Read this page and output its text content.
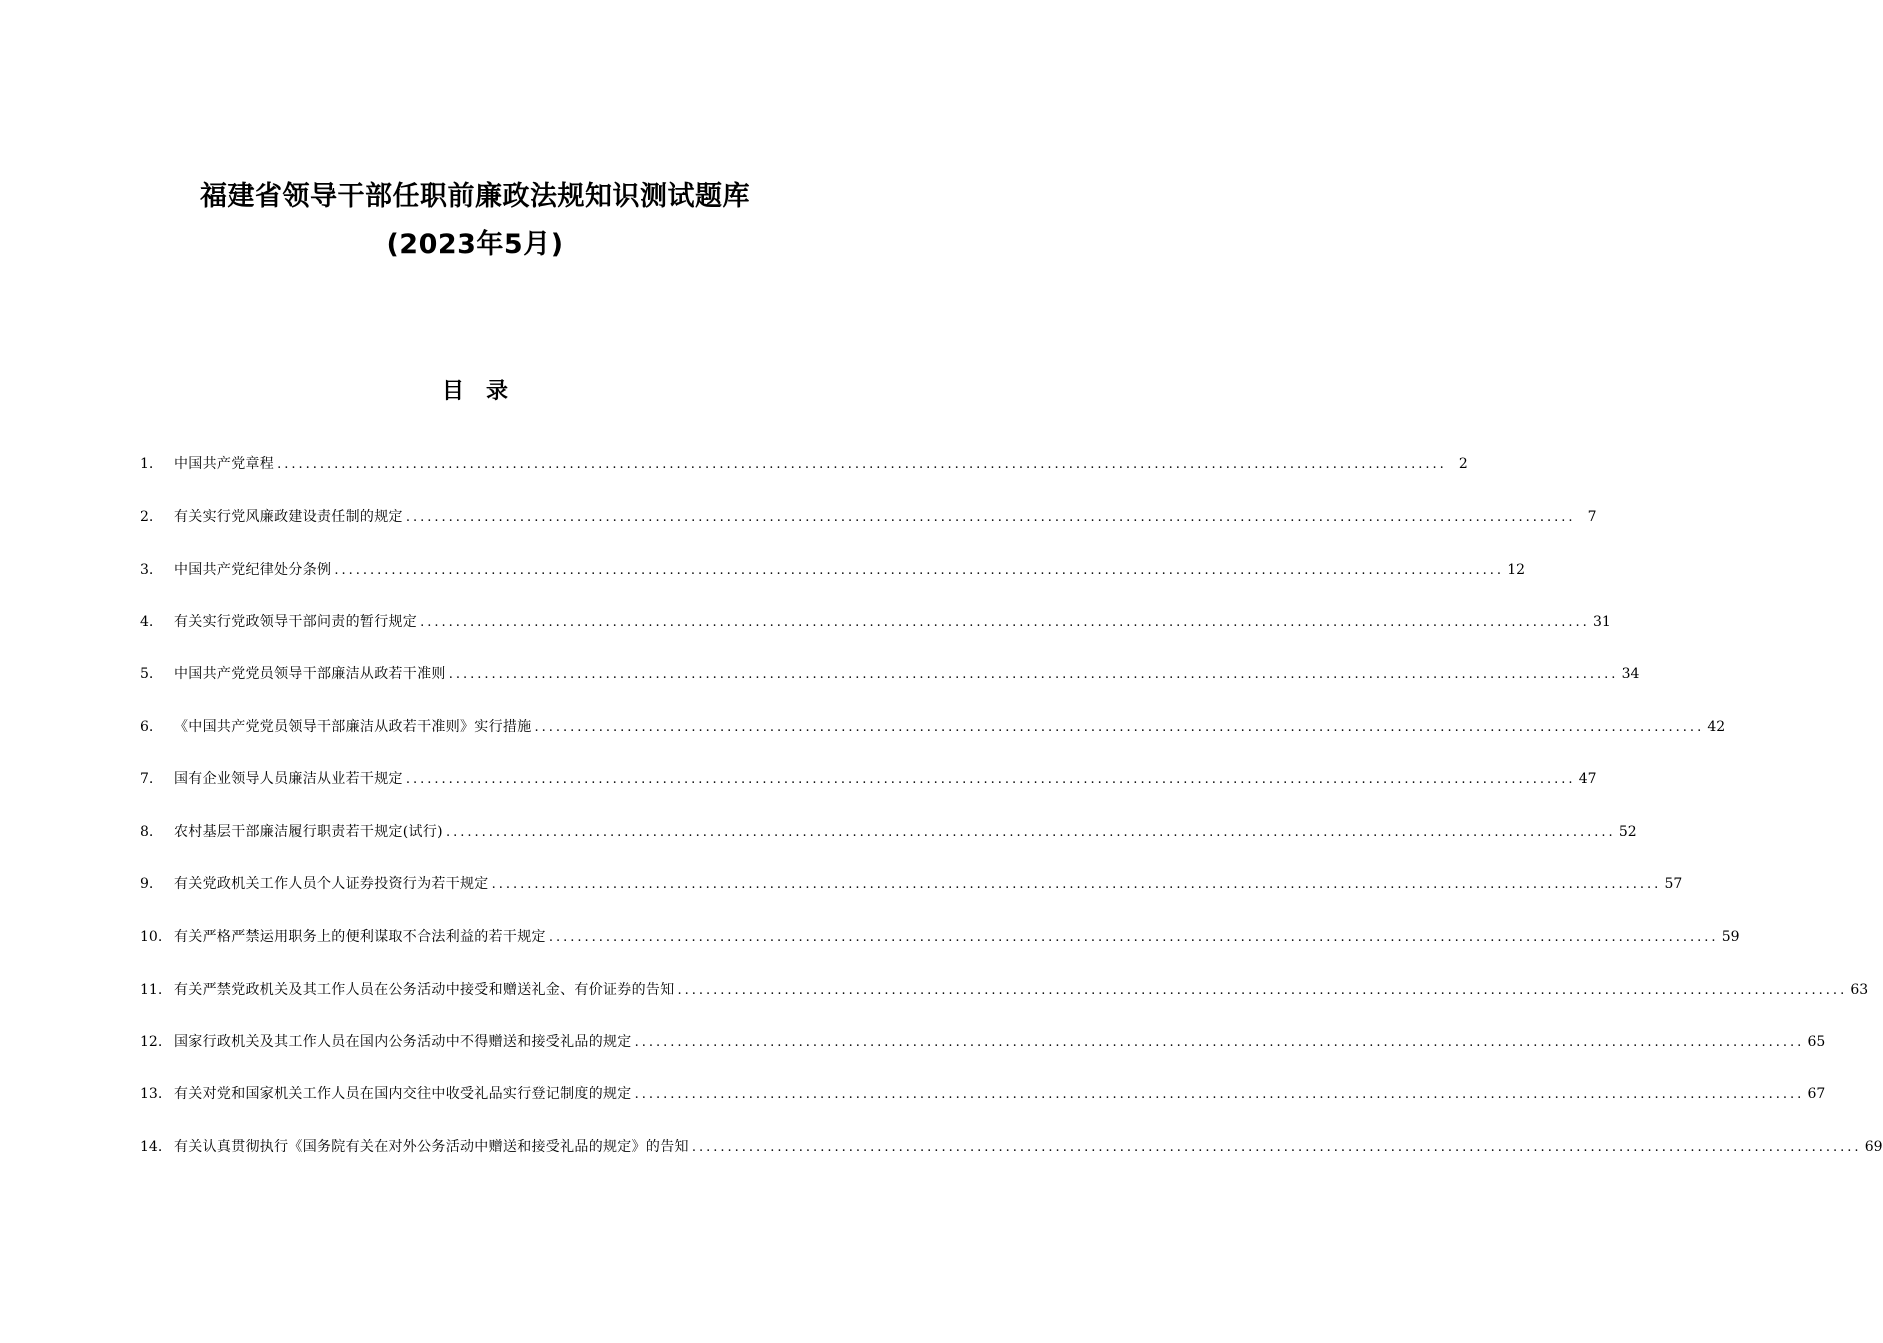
福建省领导干部任职前廉政法规知识测试题库
(2023年5月)
目录
1.	中国共产党章程 .....	2
2.	有关实行党风廉政建设责任制的规定 .....	7
3.	中国共产党纪律处分条例 .....	12
4.	有关实行党政领导干部问责的暂行规定 .....	31
5.	中国共产党党员领导干部廉洁从政若干准则 .....	34
6.	《中国共产党党员领导干部廉洁从政若干准则》实行措施 .....	42
7.	国有企业领导人员廉洁从业若干规定 .....	47
8.	农村基层干部廉洁履行职责若干规定(试行) .....	52
9.	有关党政机关工作人员个人证券投资行为若干规定 .....	57
10. 有关严格严禁运用职务上的便利谋取不合法利益的若干规定 .....	59
11. 有关严禁党政机关及其工作人员在公务活动中接受和赠送礼金、有价证券的告知 .....	63
12. 国家行政机关及其工作人员在国内公务活动中不得赠送和接受礼品的规定 .....	65
13. 有关对党和国家机关工作人员在国内交往中收受礼品实行登记制度的规定 .....	67
14. 有关认真贯彻执行《国务院有关在对外公务活动中赠送和接受礼品的规定》的告知 .....	69
